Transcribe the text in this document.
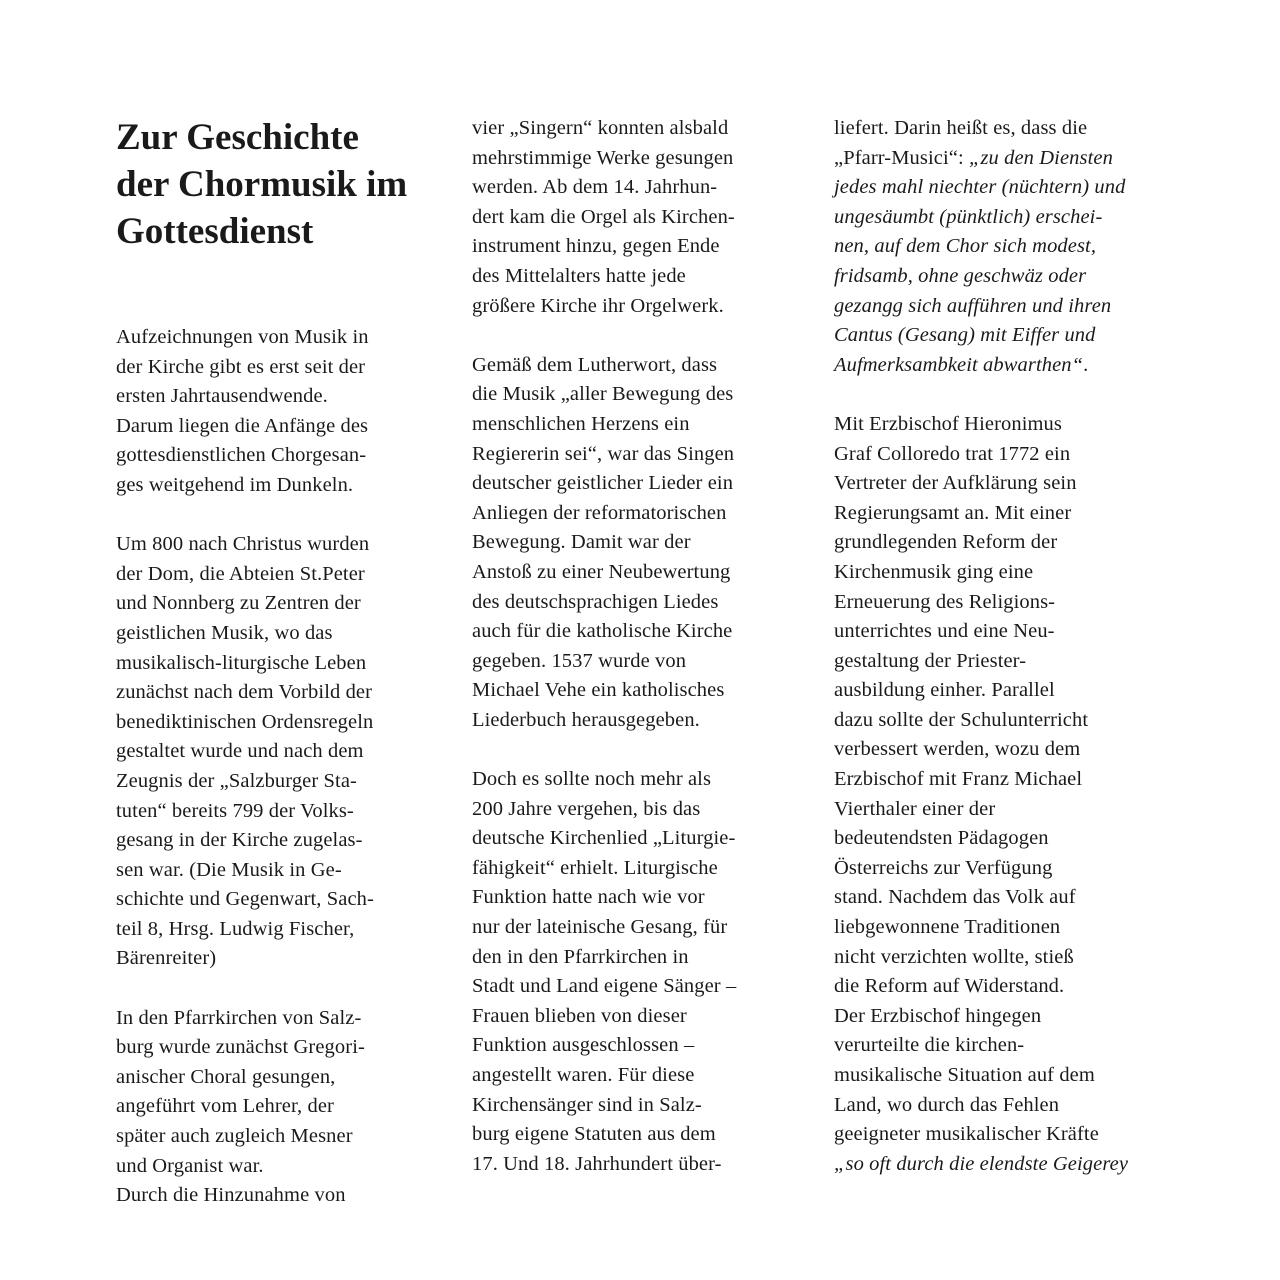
Zur Geschichte
der Chormusik im
Gottesdienst
Aufzeichnungen von Musik in
der Kirche gibt es erst seit der
ersten Jahrtausendwende.
Darum liegen die Anfänge des
gottesdienstlichen Chorgesan-
ges weitgehend im Dunkeln.
Um 800 nach Christus wurden
der Dom, die Abteien St.Peter
und Nonnberg zu Zentren der
geistlichen Musik, wo das
musikalisch-liturgische Leben
zunächst nach dem Vorbild der
benediktinischen Ordensregeln
gestaltet wurde und nach dem
Zeugnis der „Salzburger Sta-
tuten“ bereits 799 der Volks-
gesang in der Kirche zugelas-
sen war. (Die Musik in Ge-
schichte und Gegenwart, Sach-
teil 8, Hrsg. Ludwig Fischer,
Bärenreiter)
In den Pfarrkirchen von Salz-
burg wurde zunächst Gregori-
anischer Choral gesungen,
angeführt vom Lehrer, der
später auch zugleich Mesner
und Organist war.
Durch die Hinzunahme von
vier „Singern“ konnten alsbald
mehrstimmige Werke gesungen
werden. Ab dem 14. Jahrhun-
dert kam die Orgel als Kirchen-
instrument hinzu, gegen Ende
des Mittelalters hatte jede
größere Kirche ihr Orgelwerk.
Gemäß dem Lutherwort, dass
die Musik „aller Bewegung des
menschlichen Herzens ein
Regiererin sei“, war das Singen
deutscher geistlicher Lieder ein
Anliegen der reformatorischen
Bewegung. Damit war der
Anstoß zu einer Neubewertung
des deutschsprachigen Liedes
auch für die katholische Kirche
gegeben. 1537 wurde von
Michael Vehe ein katholisches
Liederbuch herausgegeben.
Doch es sollte noch mehr als
200 Jahre vergehen, bis das
deutsche Kirchenlied „Liturgie-
fähigkeit“ erhielt. Liturgische
Funktion hatte nach wie vor
nur der lateinische Gesang, für
den in den Pfarrkirchen in
Stadt und Land eigene Sänger –
Frauen blieben von dieser
Funktion ausgeschlossen –
angestellt waren. Für diese
Kirchensänger sind in Salz-
burg eigene Statuten aus dem
17. Und 18. Jahrhundert über-
liefert. Darin heißt es, dass die
„Pfarr-Musici“: „zu den Diensten
jedes mahl niechter (nüchtern) und
ungesäumbt (pünktlich) erschei-
nen, auf dem Chor sich modest,
fridsamb, ohne geschwäz oder
gezangg sich aufführen und ihren
Cantus (Gesang) mit Eiffer und
Aufmerksambkeit abwarthen“.
Mit Erzbischof Hieronimus
Graf Colloredo trat 1772 ein
Vertreter der Aufklärung sein
Regierungsamt an. Mit einer
grundlegenden Reform der
Kirchenmusik ging eine
Erneuerung des Religions-
unterrichtes und eine Neu-
gestaltung der Priester-
ausbildung einher. Parallel
dazu sollte der Schulunterricht
verbessert werden, wozu dem
Erzbischof mit Franz Michael
Vierthaler einer der
bedeutendsten Pädagogen
Österreichs zur Verfügung
stand. Nachdem das Volk auf
liebgewonnene Traditionen
nicht verzichten wollte, stieß
die Reform auf Widerstand.
Der Erzbischof hingegen
verurteilte die kirchen-
musikalische Situation auf dem
Land, wo durch das Fehlen
geeigneter musikalischer Kräfte
„so oft durch die elendste Geigerey
